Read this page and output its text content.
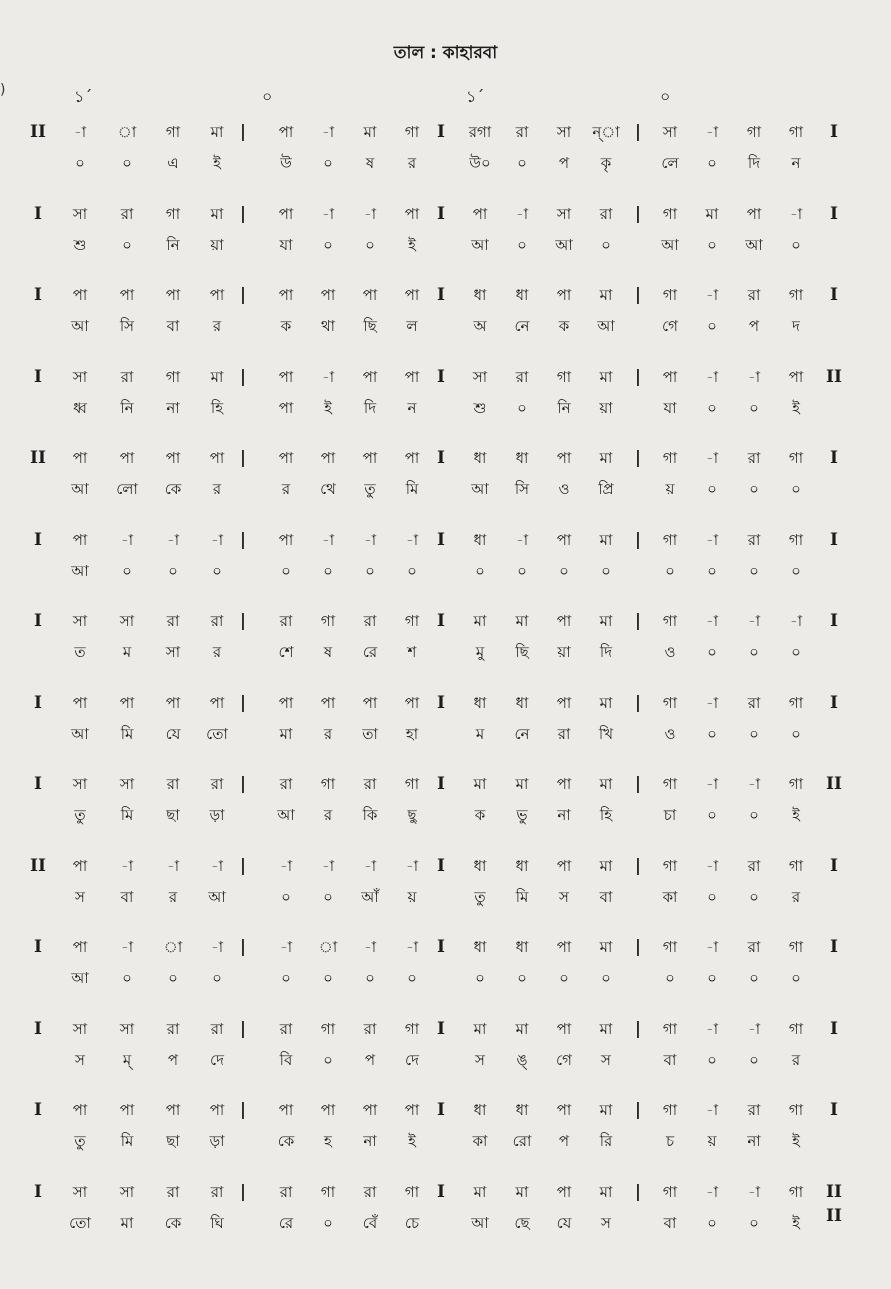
তাল : কাহারবা
)	১´	০	১´	০
II	|	I	|	I
-া	া	গা	মা	পা	-া	মা	গা	রগা	রা	সা	ন্া	সা	-া	গা	গা
০	০	এ	ই	উ	০	ষ	র	উ০	০	প	কৃ	লে	০	দি	ন
I	|	I	|	I
সা	রা	গা	মা	পা	-া	-া	পা	পা	-া	সা	রা	গা	মা	পা	-া
শু	০	নি	য়া	যা	০	০	ই	আ	০	আ	০	আ	০	আ	০
I	|	I	|	I
পা	পা	পা	পা	পা	পা	পা	পা	ধা	ধা	পা	মা	গা	-া	রা	গা
আ	সি	বা	র	ক	থা	ছি	ল	অ	নে	ক	আ	গে	০	প	দ
I	|	I	|	II
সা	রা	গা	মা	পা	-া	পা	পা	সা	রা	গা	মা	পা	-া	-া	পা
ধ্ব	নি	না	হি	পা	ই	দি	ন	শু	০	নি	য়া	যা	০	০	ই
II	|	I	|	I
পা	পা	পা	পা	পা	পা	পা	পা	ধা	ধা	পা	মা	গা	-া	রা	গা
আ	লো	কে	র	র	থে	তু	মি	আ	সি	ও	প্রি	য়	০	০	০
I	|	I	|	I
পা	-া	-া	-া	পা	-া	-া	-া	ধা	-া	পা	মা	গা	-া	রা	গা
আ	০	০	০	০	০	০	০	০	০	০	০	০	০	০	০
I	|	I	|	I
সা	সা	রা	রা	রা	গা	রা	গা	মা	মা	পা	মা	গা	-া	-া	-া
ত	ম	সা	র	শে	ষ	রে	শ	মু	ছি	য়া	দি	ও	০	০	০
I	|	I	|	I
পা	পা	পা	পা	পা	পা	পা	পা	ধা	ধা	পা	মা	গা	-া	রা	গা
আ	মি	যে	তো	মা	র	তা	হা	ম	নে	রা	খি	ও	০	০	০
I	|	I	|	II
সা	সা	রা	রা	রা	গা	রা	গা	মা	মা	পা	মা	গা	-া	-া	গা
তু	মি	ছা	ড়া	আ	র	কি	ছু	ক	ভু	না	হি	চা	০	০	ই
II	|	I	|	I
পা	-া	-া	-া	-া	-া	-া	-া	ধা	ধা	পা	মা	গা	-া	রা	গা
স	বা	র	আ	০	০	আঁ	য়	তু	মি	স	বা	কা	০	০	র
I	|	I	|	I
পা	-া	া	-া	-া	া	-া	-া	ধা	ধা	পা	মা	গা	-া	রা	গা
আ	০	০	০	০	০	০	০	০	০	০	০	০	০	০	০
I	|	I	|	I
সা	সা	রা	রা	রা	গা	রা	গা	মা	মা	পা	মা	গা	-া	-া	গা
স	ম্	প	দে	বি	০	প	দে	স	ঙ্	গে	স	বা	০	০	র
I	|	I	|	I
পা	পা	পা	পা	পা	পা	পা	পা	ধা	ধা	পা	মা	গা	-া	রা	গা
তু	মি	ছা	ড়া	কে	হ	না	ই	কা	রো	প	রি	চ	য়	না	ই
I	|	I	|	II II
সা	সা	রা	রা	রা	গা	রা	গা	মা	মা	পা	মা	গা	-া	-া	গা
তো	মা	কে	ঘি	রে	০	বেঁ	চে	আ	ছে	যে	স	বা	০	০	ই
